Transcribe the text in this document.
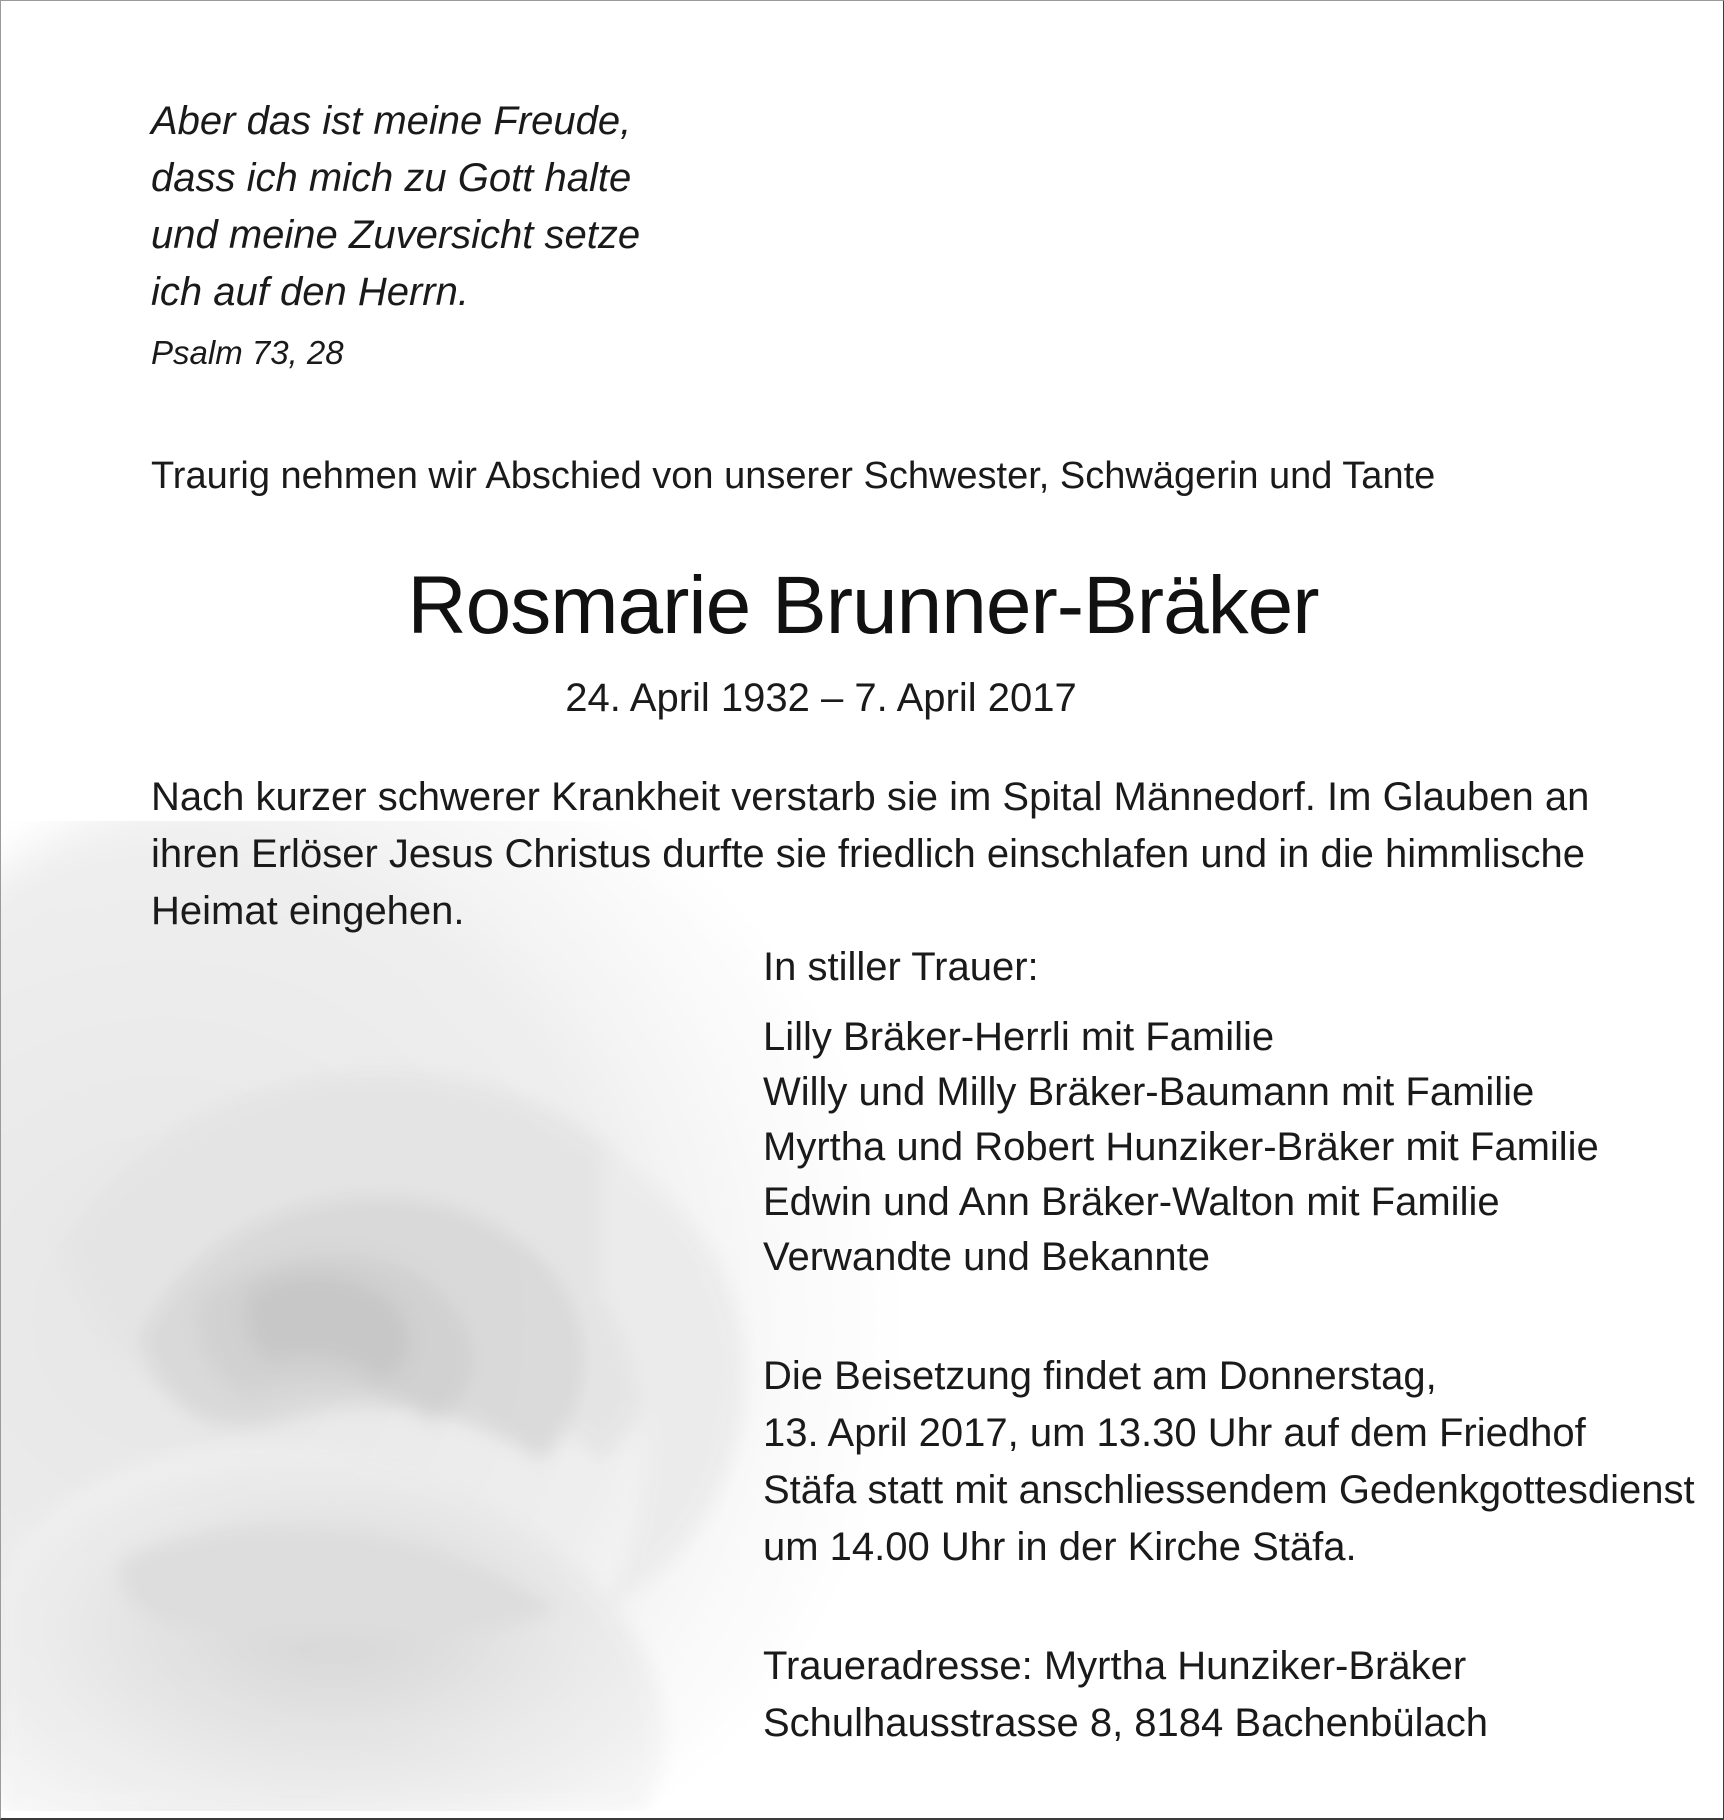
Aber das ist meine Freude,
dass ich mich zu Gott halte
und meine Zuversicht setze
ich auf den Herrn.
Psalm 73, 28
Traurig nehmen wir Abschied von unserer Schwester, Schwägerin und Tante
Rosmarie Brunner-Bräker
24. April 1932 – 7. April 2017
Nach kurzer schwerer Krankheit verstarb sie im Spital Männedorf. Im Glauben an
ihren Erlöser Jesus Christus durfte sie friedlich einschlafen und in die himmlische
Heimat eingehen.
In stiller Trauer:
Lilly Bräker-Herrli mit Familie
Willy und Milly Bräker-Baumann mit Familie
Myrtha und Robert Hunziker-Bräker mit Familie
Edwin und Ann Bräker-Walton mit Familie
Verwandte und Bekannte
Die Beisetzung findet am Donnerstag,
13. April 2017, um 13.30 Uhr auf dem Friedhof
Stäfa statt mit anschliessendem Gedenkgottesdienst
um 14.00 Uhr in der Kirche Stäfa.
Traueradresse: Myrtha Hunziker-Bräker
Schulhausstrasse 8, 8184 Bachenbülach
